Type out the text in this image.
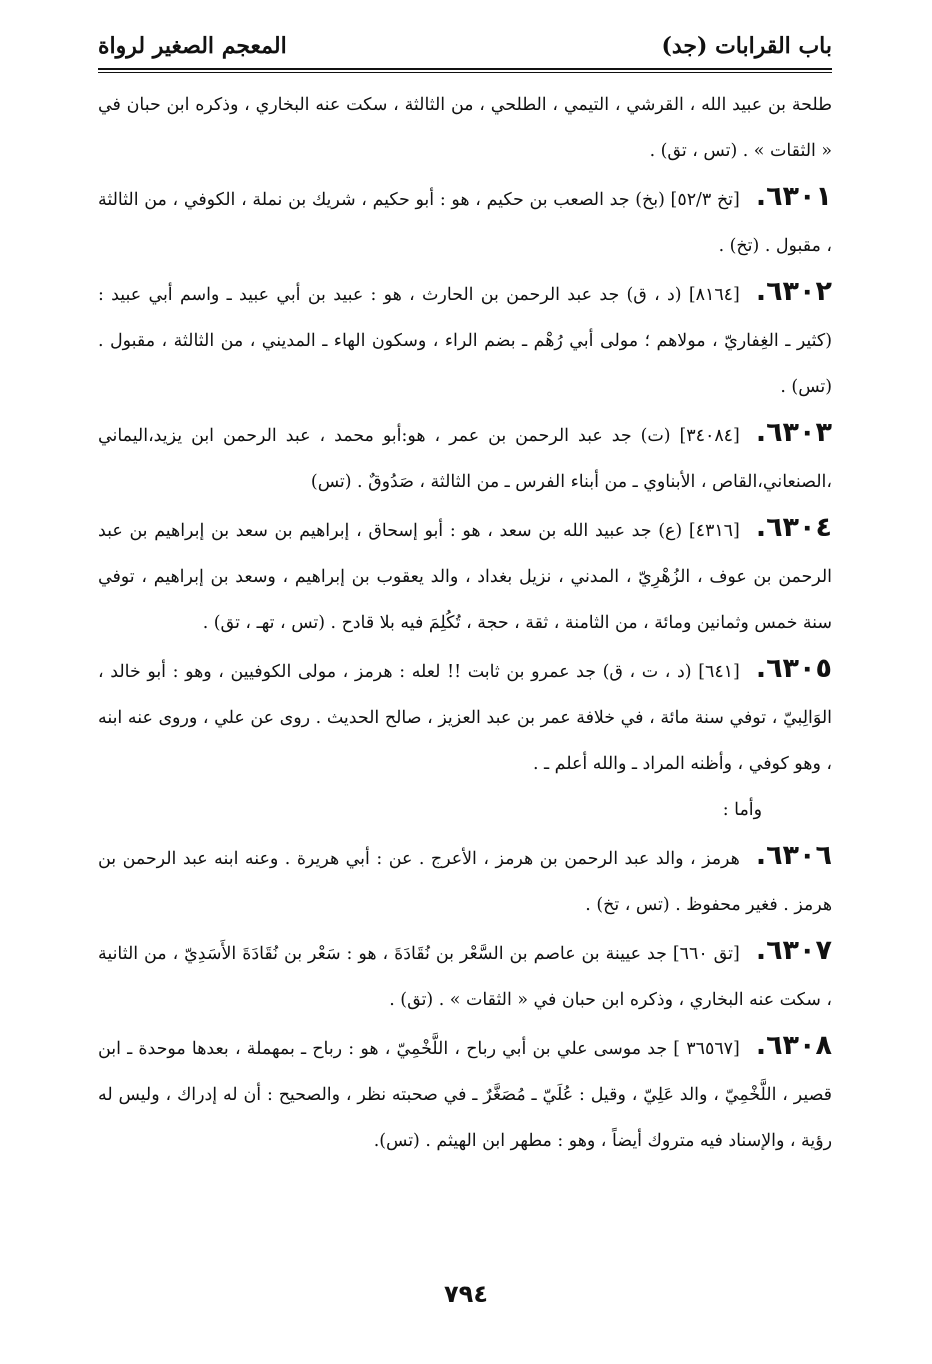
باب القرابات (جد)
المعجم الصغير لرواة

طلحة بن عبيد الله ، القرشي ، التيمي ، الطلحي ، من الثالثة ، سكت عنه البخاري ، وذكره ابن حبان في « الثقات » . (تس ، تق) .

٦٣٠١.[تخ ٥٢/٣] (بخ) جد الصعب بن حكيم ، هو : أبو حكيم ، شريك بن نملة ، الكوفي ، من الثالثة ، مقبول . (تخ) .

٦٣٠٢.[٨١٦٤] (د ، ق) جد عبد الرحمن بن الحارث ، هو : عبيد بن أبي عبيد ـ واسم أبي عبيد : (كثير ـ الغِفاريّ ، مولاهم ؛ مولى أبي رُهْم ـ بضم الراء ، وسكون الهاء ـ المديني ، من الثالثة ، مقبول . (تس) .

٦٣٠٣.[٣٤٠٨٤] (ت) جد عبد الرحمن بن عمر ، هو:أبو محمد ، عبد الرحمن ابن يزيد،اليماني ،الصنعاني،القاص ، الأبناوي ـ من أبناء الفرس ـ من الثالثة ، صَدُوقٌ . (تس)

٦٣٠٤.[٤٣١٦] (ع) جد عبيد الله بن سعد ، هو : أبو إسحاق ، إبراهيم بن سعد بن إبراهيم بن عبد الرحمن بن عوف ، الزُهْرِيّ ، المدني ، نزيل بغداد ، والد يعقوب بن إبراهيم ، وسعد بن إبراهيم ، توفي سنة خمس وثمانين ومائة ، من الثامنة ، ثقة ، حجة ، تُكُلِمَ فيه بلا قادح . (تس ، تهـ ، تق) .

٦٣٠٥.[٦٤١] (د ، ت ، ق) جد عمرو بن ثابت !! لعله : هرمز ، مولى الكوفيين ، وهو : أبو خالد ، الوَالِبيّ ، توفي سنة مائة ، في خلافة عمر بن عبد العزيز ، صالح الحديث . روى عن علي ، وروى عنه ابنه ، وهو كوفي ، وأظنه المراد ـ والله أعلم ـ .

وأما :

٦٣٠٦.هرمز ، والد عبد الرحمن بن هرمز ، الأعرج . عن : أبي هريرة . وعنه ابنه عبد الرحمن بن هرمز . فغير محفوظ . (تس ، تخ) .

٦٣٠٧.[تق ٦٦٠] جد عيينة بن عاصم بن السَّعْر بن نُقَادَةَ ، هو : سَعْر بن نُقَادَةَ الأَسَدِيّ ، من الثانية ، سكت عنه البخاري ، وذكره ابن حبان في « الثقات » . (تق) .

٦٣٠٨.[٣٦٥٦٧ ] جد موسى علي بن أبي رباح ، اللَّخْمِيّ ، هو : رباح ـ بمهملة ، بعدها موحدة ـ ابن قصير ، اللَّخْمِيّ ، والد عَلِيّ ، وقيل : عُلَيّ ـ مُصَغَّرٌ ـ في صحبته نظر ، والصحيح : أن له إدراك ، وليس له رؤية ، والإسناد فيه متروك أيضاً ، وهو : مطهر ابن الهيثم . (تس).

٧٩٤
